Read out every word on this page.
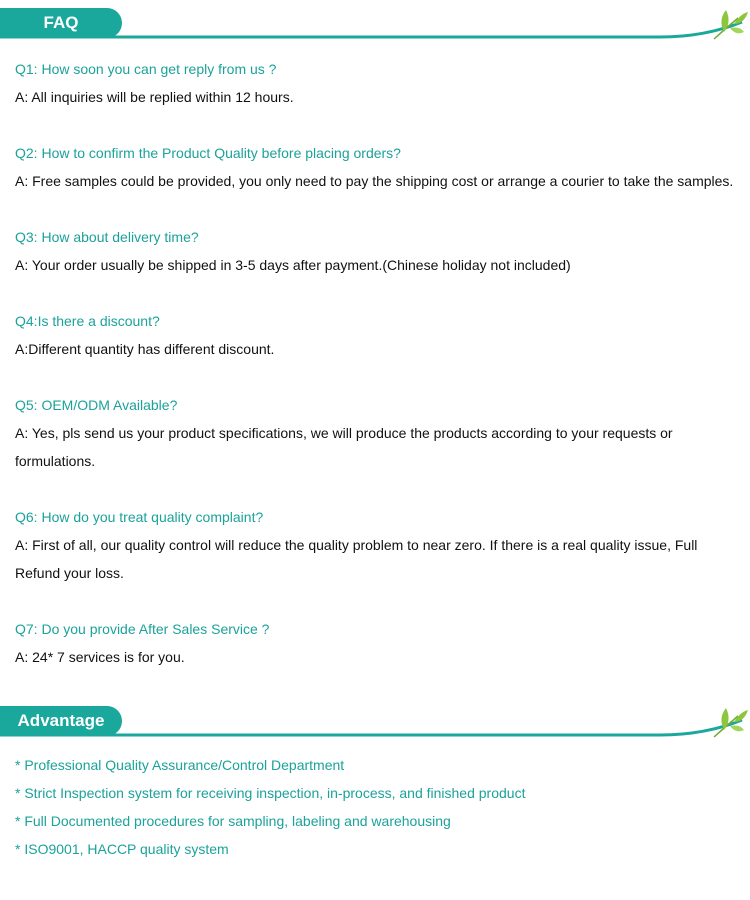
FAQ

Q1: How soon you can get reply from us ?

A: All inquiries will be replied within 12 hours.

Q2: How to confirm the Product Quality before placing orders?

A: Free samples could be provided, you only need to pay the shipping cost or arrange a courier to take the samples.

Q3: How about delivery time?

A: Your order usually be shipped in 3-5 days after payment.(Chinese holiday not included)

Q4:Is there a discount?

A:Different quantity has different discount.

Q5: OEM/ODM Available?

A: Yes, pls send us your product specifications, we will produce the products according to your requests or formulations.

Q6: How do you treat quality complaint?

A: First of all, our quality control will reduce the quality problem to near zero. If there is a real quality issue, Full Refund your loss.

Q7: Do you provide After Sales Service ?

A: 24* 7 services is for you.

Advantage
* Professional Quality Assurance/Control Department
* Strict Inspection system for receiving inspection, in-process, and finished product
* Full Documented procedures for sampling, labeling and warehousing
* ISO9001, HACCP quality system
